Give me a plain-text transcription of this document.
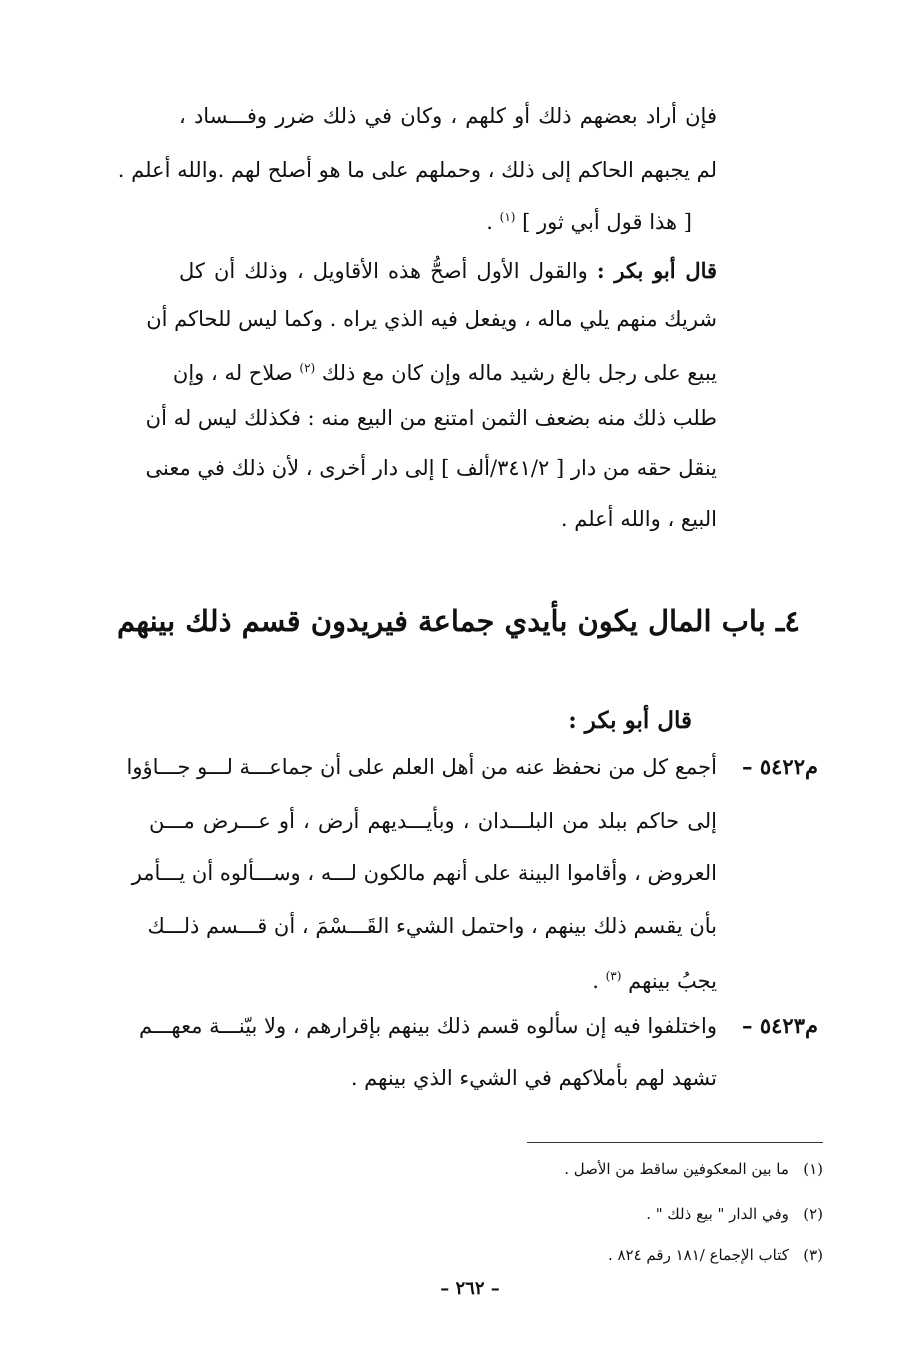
فإن أراد بعضهم ذلك أو كلهم ، وكان في ذلك ضرر وفـــساد ،
لم يجبهم الحاكم إلى ذلك ، وحملهم على ما هو أصلح لهم .والله أعلم .
[ هذا قول أبي ثور ] $^{(١)}$ .
قال أبو بكر : والقول الأول أصحُّ هذه الأقاويل ، وذلك أن كل
شريك منهم يلي ماله ، ويفعل فيه الذي يراه . وكما ليس للحاكم أن
يبيع على رجل بالغ رشيد ماله وإن كان مع ذلك $^{(٢)}$ صلاح له ، وإن
طلب ذلك منه بضعف الثمن امتنع من البيع منه : فكذلك ليس له أن
ينقل حقه من دار [ ٣٤١/٢/ألف ] إلى دار أخرى ، لأن ذلك في معنى
البيع ، والله أعلم .
٤ـ باب المال يكون بأيدي جماعة فيريدون قسم ذلك بينهم
قال أبو بكر :
م٥٤٢٢ –
أجمع كل من نحفظ عنه من أهل العلم على أن جماعـــة لـــو جـــاؤوا
إلى حاكم ببلد من البلـــدان ، وبأيـــديهم أرض ، أو عـــرض مـــن
العروض ، وأقاموا البينة على أنهم مالكون لـــه ، وســـألوه أن يـــأمر
بأن يقسم ذلك بينهم ، واحتمل الشيء القَـــسْمَ ، أن قـــسم ذلـــك
يجبُ بينهم $^{(٣)}$ .
م٥٤٢٣ –
واختلفوا فيه إن سألوه قسم ذلك بينهم بإقرارهم ، ولا بيّنـــة معهـــم
تشهد لهم بأملاكهم في الشيء الذي بينهم .
(١)   ما بين المعكوفين ساقط من الأصل .
(٢)   وفي الدار " بيع ذلك " .
(٣)   كتاب الإجماع /١٨١ رقم ٨٢٤ .
– ٢٦٢ –
